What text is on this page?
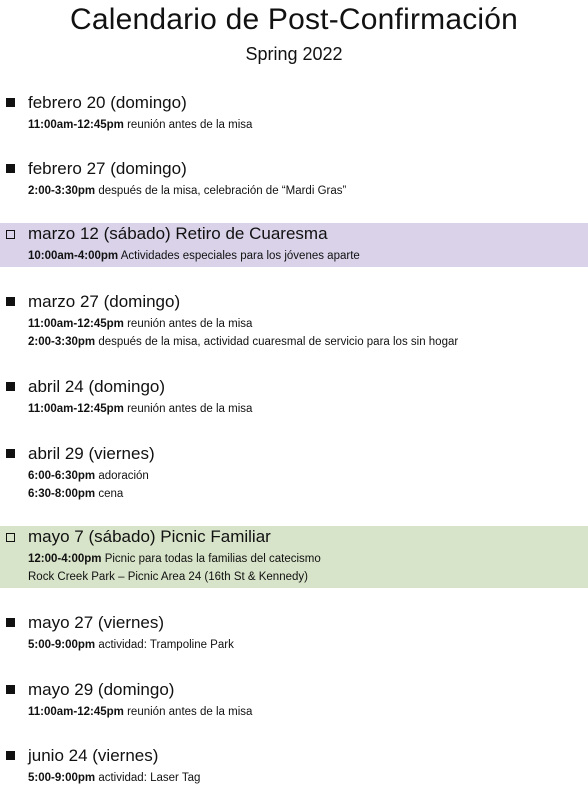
Calendario de Post-Confirmación
Spring 2022
febrero 20 (domingo)
11:00am-12:45pm reunión antes de la misa
febrero 27 (domingo)
2:00-3:30pm después de la misa, celebración de “Mardi Gras”
marzo 12 (sábado) Retiro de Cuaresma
10:00am-4:00pm Actividades especiales para los jóvenes aparte
marzo 27 (domingo)
11:00am-12:45pm reunión antes de la misa
2:00-3:30pm después de la misa, actividad cuaresmal de servicio para los sin hogar
abril 24 (domingo)
11:00am-12:45pm reunión antes de la misa
abril 29 (viernes)
6:00-6:30pm adoración
6:30-8:00pm cena
mayo 7 (sábado) Picnic Familiar
12:00-4:00pm Picnic para todas la familias del catecismo
Rock Creek Park – Picnic Area 24 (16th St & Kennedy)
mayo 27 (viernes)
5:00-9:00pm actividad: Trampoline Park
mayo 29 (domingo)
11:00am-12:45pm reunión antes de la misa
junio 24 (viernes)
5:00-9:00pm actividad: Laser Tag
